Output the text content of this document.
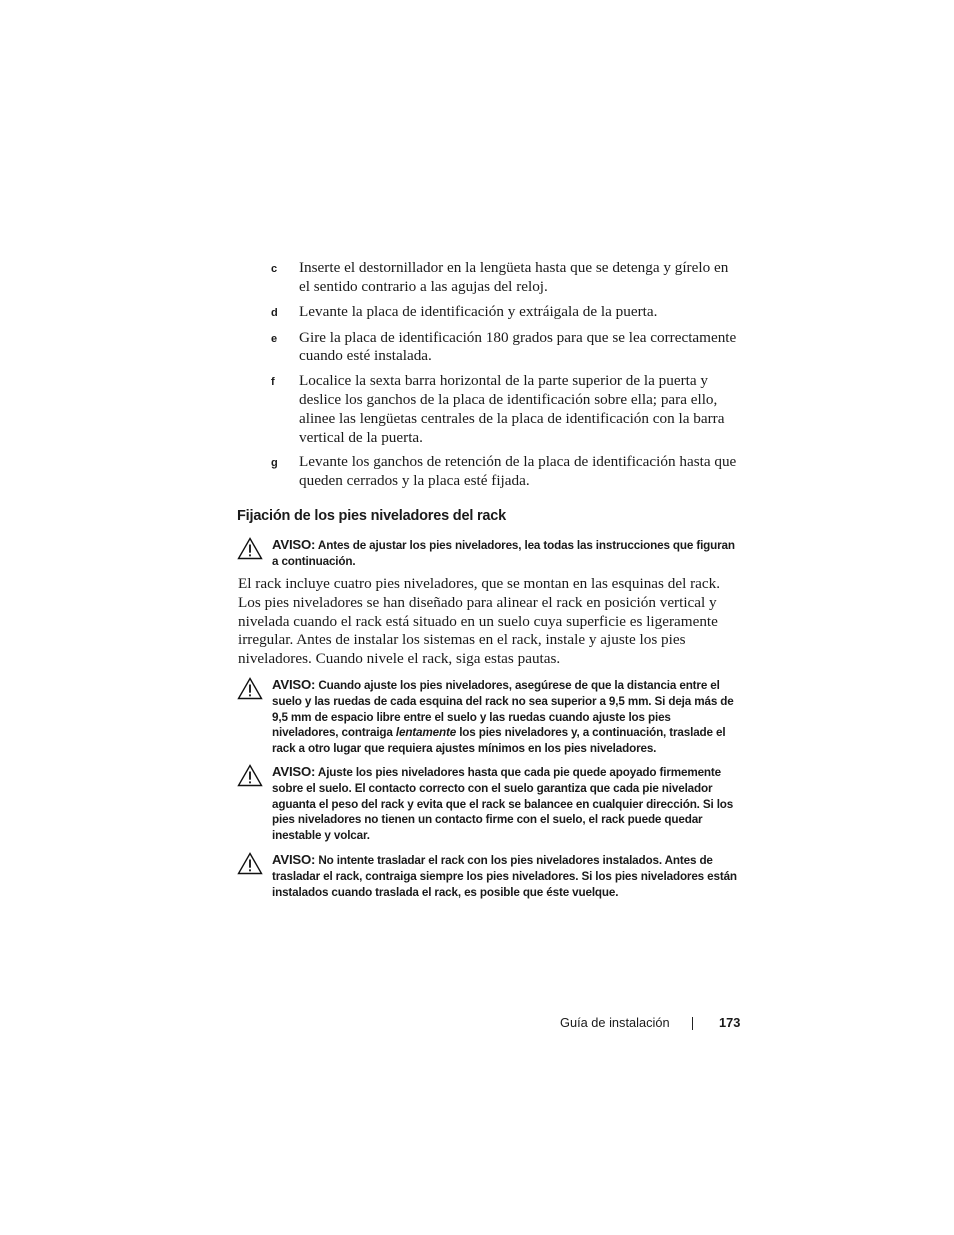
c	Inserte el destornillador en la lengüeta hasta que se detenga y gírelo en el sentido contrario a las agujas del reloj.
d	Levante la placa de identificación y extráigala de la puerta.
e	Gire la placa de identificación 180 grados para que se lea correctamente cuando esté instalada.
f	Localice la sexta barra horizontal de la parte superior de la puerta y deslice los ganchos de la placa de identificación sobre ella; para ello, alinee las lengüetas centrales de la placa de identificación con la barra vertical de la puerta.
g	Levante los ganchos de retención de la placa de identificación hasta que queden cerrados y la placa esté fijada.
Fijación de los pies niveladores del rack
AVISO: Antes de ajustar los pies niveladores, lea todas las instrucciones que figuran a continuación.
El rack incluye cuatro pies niveladores, que se montan en las esquinas del rack. Los pies niveladores se han diseñado para alinear el rack en posición vertical y nivelada cuando el rack está situado en un suelo cuya superficie es ligeramente irregular. Antes de instalar los sistemas en el rack, instale y ajuste los pies niveladores. Cuando nivele el rack, siga estas pautas.
AVISO: Cuando ajuste los pies niveladores, asegúrese de que la distancia entre el suelo y las ruedas de cada esquina del rack no sea superior a 9,5 mm. Si deja más de 9,5 mm de espacio libre entre el suelo y las ruedas cuando ajuste los pies niveladores, contraiga lentamente los pies niveladores y, a continuación, traslade el rack a otro lugar que requiera ajustes mínimos en los pies niveladores.
AVISO: Ajuste los pies niveladores hasta que cada pie quede apoyado firmemente sobre el suelo. El contacto correcto con el suelo garantiza que cada pie nivelador aguanta el peso del rack y evita que el rack se balancee en cualquier dirección. Si los pies niveladores no tienen un contacto firme con el suelo, el rack puede quedar inestable y volcar.
AVISO: No intente trasladar el rack con los pies niveladores instalados. Antes de trasladar el rack, contraiga siempre los pies niveladores. Si los pies niveladores están instalados cuando traslada el rack, es posible que éste vuelque.
Guía de instalación	173
